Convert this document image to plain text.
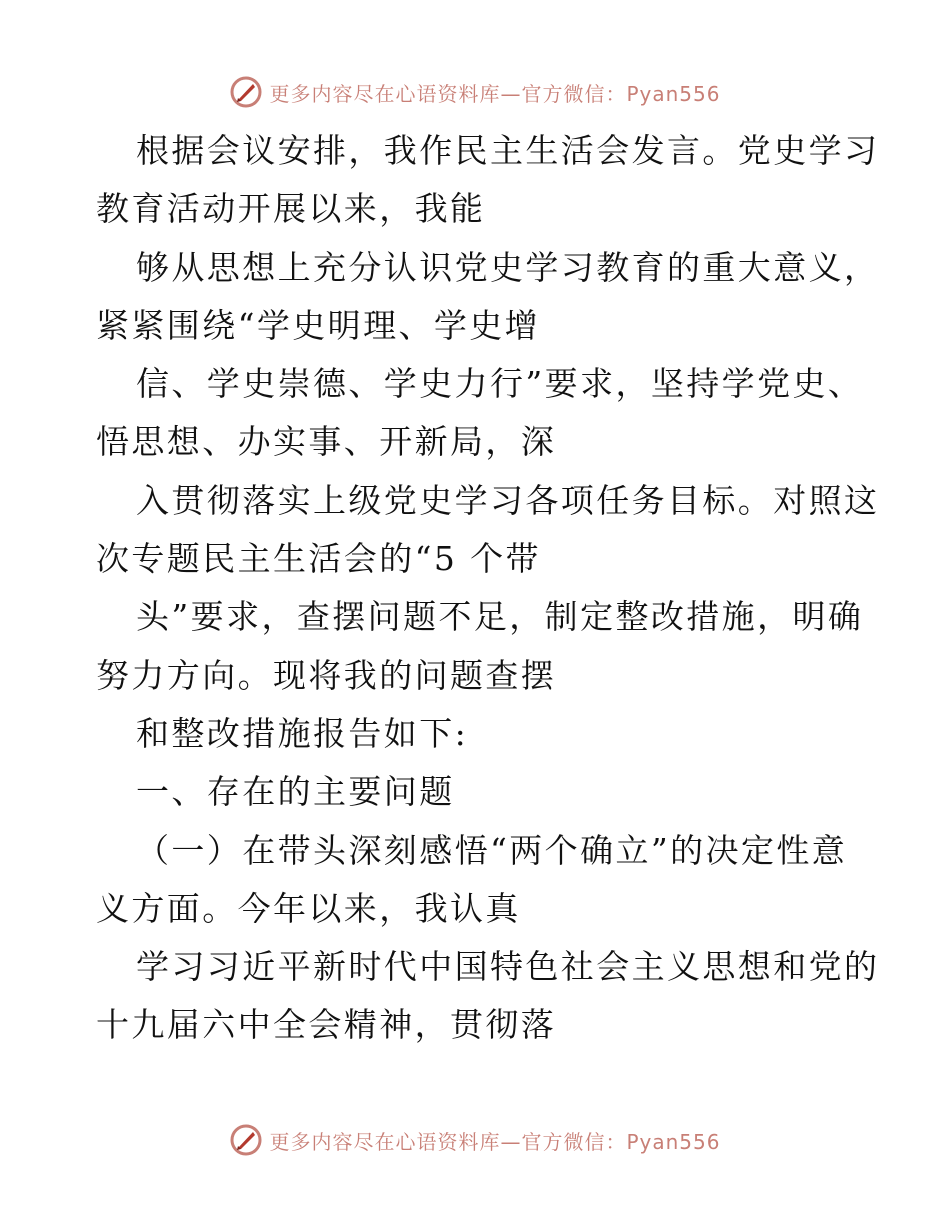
更多内容尽在心语资料库—官方微信：Pyan556
根据会议安排，我作民主生活会发言。党史学习
教育活动开展以来，我能
够从思想上充分认识党史学习教育的重大意义，
紧紧围绕“学史明理、学史增
信、学史崇德、学史力行”要求，坚持学党史、
悟思想、办实事、开新局，深
入贯彻落实上级党史学习各项任务目标。对照这
次专题民主生活会的“5 个带
头”要求，查摆问题不足，制定整改措施，明确
努力方向。现将我的问题查摆
和整改措施报告如下:
一、存在的主要问题
（一）在带头深刻感悟“两个确立”的决定性意
义方面。今年以来，我认真
学习习近平新时代中国特色社会主义思想和党的
十九届六中全会精神，贯彻落
更多内容尽在心语资料库—官方微信：Pyan556
